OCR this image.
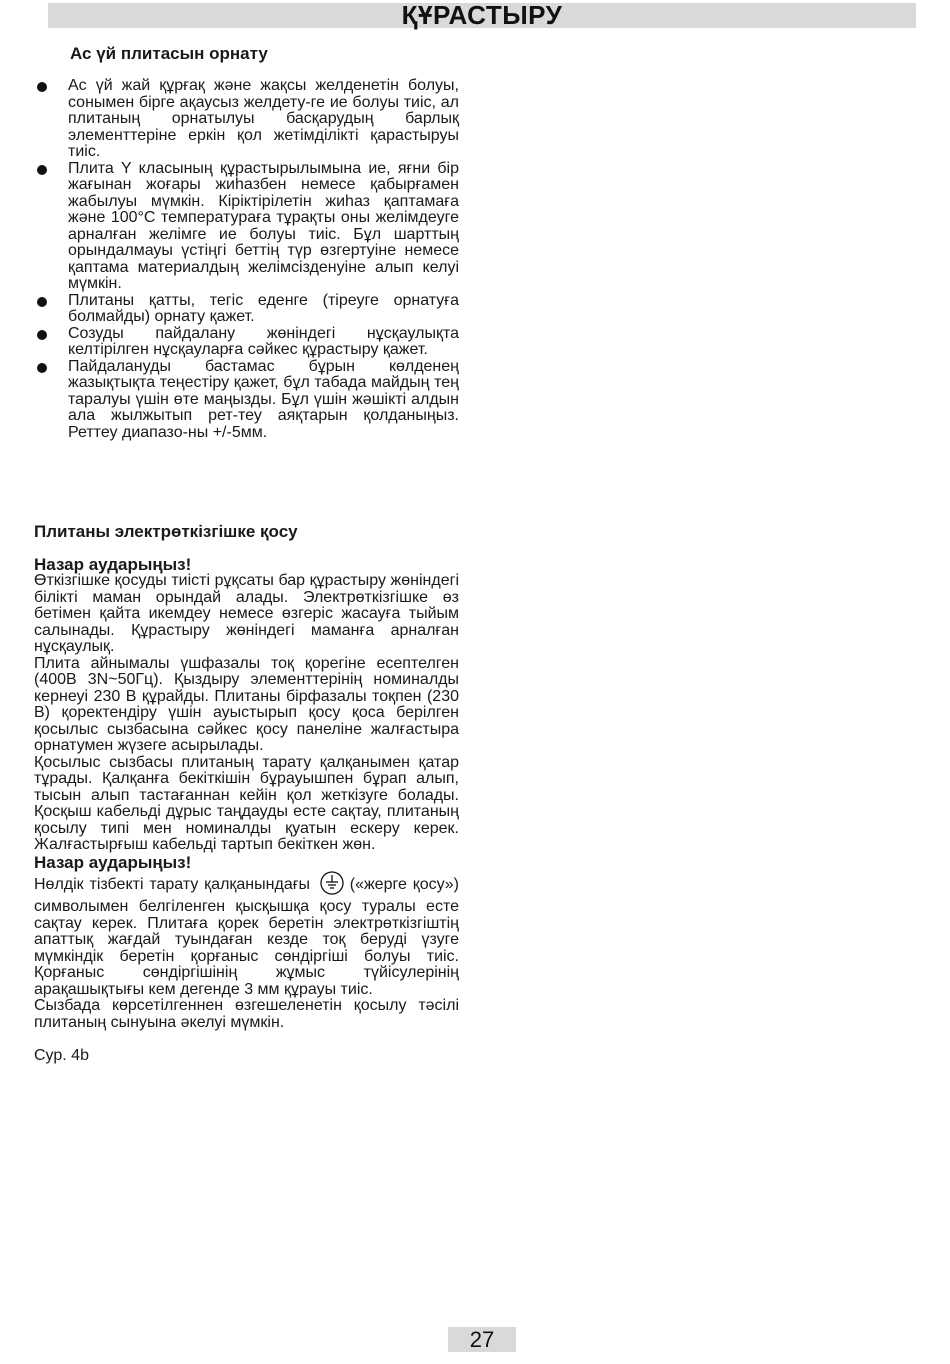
ҚҰРАСТЫРУ
Ас үй плитасын орнату
Ас үй жай құрғақ және жақсы желденетін болуы, сонымен бірге ақаусыз желдету-ге ие болуы тиіс, ал плитаның орнатылуы басқарудың барлық элементтеріне еркін қол жетімділікті қарастыруы тиіс.
Плита Y класының құрастырылымына ие, яғни бір жағынан жоғары жиһазбен немесе қабырғамен жабылуы мүмкін. Кіріктірілетін жиһаз қаптамаға және 100°С температураға тұрақты оны желімдеуге арналған желімге ие болуы тиіс. Бұл шарттың орындалмауы үстіңгі беттің түр өзгертуіне немесе қаптама материалдың желімсізденуіне алып келуі мүмкін.
Плитаны қатты, тегіс еденге (тіреуге орнатуға болмайды) орнату қажет.
Созуды пайдалану жөніндегі нұсқаулықта келтірілген нұсқауларға сәйкес құрастыру қажет.
Пайдалануды бастамас бұрын көлденең жазықтықта теңестіру қажет, бұл табада майдың тең таралуы үшін өте маңызды. Бұл үшін жәшікті алдын ала жылжытып рет-теу аяқтарын қолданыңыз. Реттеу диапазо-ны +/-5мм.
Плитаны электрөткізгішке қосу

Назар аударыңыз!

Өткізгішке қосуды тиісті рұқсаты бар құрастыру жөніндегі білікті маман орындай алады. Электрөткізгішке өз бетімен қайта икемдеу немесе өзгеріс жасауға тыйым салынады. Құрастыру жөніндегі маманға арналған нұсқаулық.

Плита айнымалы үшфазалы тоқ қорегіне есептелген (400В 3N~50Гц). Қыздыру элементтерінің номиналды кернеуі 230 В құрайды. Плитаны бірфазалы тоқпен (230 В) қоректендіру үшін ауыстырып қосу қоса берілген қосылыс сызбасына сәйкес қосу панеліне жалғастыра орнатумен жүзеге асырылады.

Қосылыс сызбасы плитаның тарату қалқанымен қатар тұрады. Қалқанға бекіткішін бұрауышпен бұрап алып, тысын алып тастағаннан кейін қол жеткізуге болады. Қосқыш кабельді дұрыс таңдауды есте сақтау, плитаның қосылу типі мен номиналды қуатын ескеру керек. Жалғастырғыш кабельді тартып бекіткен жөн.

Назар аударыңыз!

Нөлдік тізбекті тарату қалқанындағы («жерге қосу») символымен белгіленген қысқышқа қосу туралы есте сақтау керек. Плитаға қорек беретін электрөткізгіштің апаттық жағдай туындаған кезде тоқ беруді үзуге мүмкіндік беретін қорғаныс сөндіргіші болуы тиіс. Қорғаныс сөндіргішінің жұмыс түйісулерінің арақашықтығы кем дегенде 3 мм құрауы тиіс.

Сызбада көрсетілгеннен өзгешеленетін қосылу тәсілі плитаның сынуына әкелуі мүмкін.

Сур. 4b

27
